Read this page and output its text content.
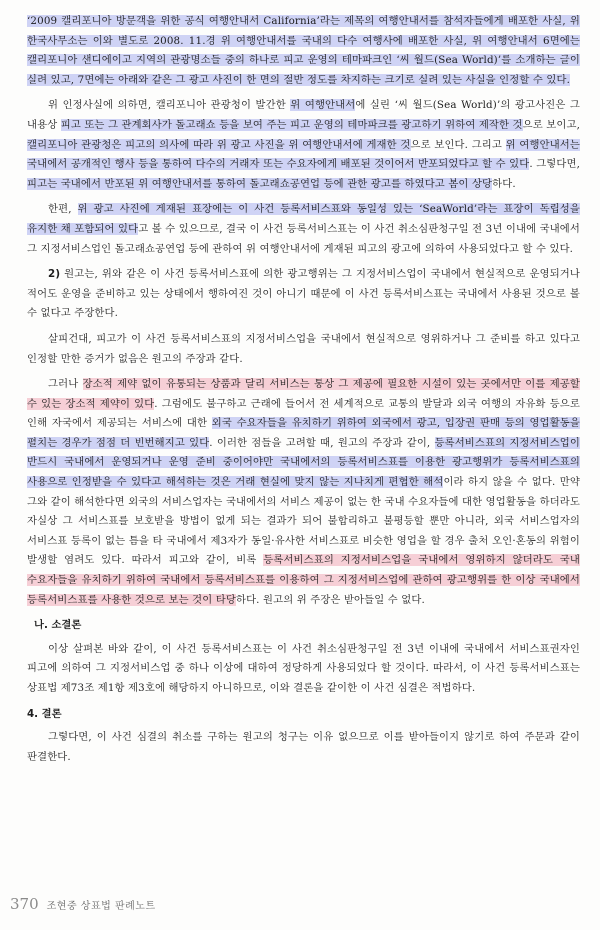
‘2009 캘리포니아 방문객을 위한 공식 여행안내서 California’라는 제목의 여행안내서를 참석자들에게 배포한 사실, 위 한국사무소는 이와 별도로 2008. 11.경 위 여행안내서를 국내의 다수 여행사에 배포한 사실, 위 여행안내서 6면에는 캘리포니아 샌디에이고 지역의 관광명소들 중의 하나로 피고 운영의 테마파크인 ‘씨 월드(Sea World)’를 소개하는 글이 실려 있고, 7면에는 아래와 같은 그 광고 사진이 한 면의 절반 정도를 차지하는 크기로 실려 있는 사실을 인정할 수 있다.

위 인정사실에 의하면, 캘리포니아 관광청이 발간한 위 여행안내서에 실린 ‘씨 월드(Sea World)’의 광고사진은 그 내용상 피고 또는 그 관계회사가 돌고래쇼 등을 보여 주는 피고 운영의 테마파크를 광고하기 위하여 제작한 것으로 보이고, 캘리포니아 관광청은 피고의 의사에 따라 위 광고 사진을 위 여행안내서에 게재한 것으로 보인다. 그리고 위 여행안내서는 국내에서 공개적인 행사 등을 통하여 다수의 거래자 또는 수요자에게 배포된 것이어서 반포되었다고 할 수 있다. 그렇다면, 피고는 국내에서 반포된 위 여행안내서를 통하여 돌고래쇼공연업 등에 관한 광고를 하였다고 봄이 상당하다.

한편, 위 광고 사진에 게재된 표장에는 이 사건 등록서비스표와 동일성 있는 ‘SeaWorld’라는 표장이 독립성을 유지한 채 포함되어 있다고 볼 수 있으므로, 결국 이 사건 등록서비스표는 이 사건 취소심판청구일 전 3년 이내에 국내에서 그 지정서비스업인 돌고래쇼공연업 등에 관하여 위 여행안내서에 게재된 피고의 광고에 의하여 사용되었다고 할 수 있다.

2) 원고는, 위와 같은 이 사건 등록서비스표에 의한 광고행위는 그 지정서비스업이 국내에서 현실적으로 운영되거나 적어도 운영을 준비하고 있는 상태에서 행하여진 것이 아니기 때문에 이 사건 등록서비스표는 국내에서 사용된 것으로 볼 수 없다고 주장한다.

살피건대, 피고가 이 사건 등록서비스표의 지정서비스업을 국내에서 현실적으로 영위하거나 그 준비를 하고 있다고 인정할 만한 증거가 없음은 원고의 주장과 같다.

그러나 장소적 제약 없이 유통되는 상품과 달리 서비스는 통상 그 제공에 필요한 시설이 있는 곳에서만 이를 제공할 수 있는 장소적 제약이 있다. 그럼에도 불구하고 근래에 들어서 전 세계적으로 교통의 발달과 외국 여행의 자유화 등으로 인해 자국에서 제공되는 서비스에 대한 외국 수요자들을 유치하기 위하여 외국에서 광고, 입장권 판매 등의 영업활동을 펼치는 경우가 점점 더 빈번해지고 있다. 이러한 점들을 고려할 때, 원고의 주장과 같이, 등록서비스표의 지정서비스업이 반드시 국내에서 운영되거나 운영 준비 중이어야만 국내에서의 등록서비스표를 이용한 광고행위가 등록서비스표의 사용으로 인정받을 수 있다고 해석하는 것은 거래 현실에 맞지 않는 지나치게 편협한 해석이라 하지 않을 수 없다. 만약 그와 같이 해석한다면 외국의 서비스업자는 국내에서의 서비스 제공이 없는 한 국내 수요자들에 대한 영업활동을 하더라도 자실상 그 서비스표를 보호받을 방법이 없게 되는 결과가 되어 불합리하고 불평등할 뿐만 아니라, 외국 서비스업자의 서비스표 등록이 없는 틈을 타 국내에서 제3자가 동일·유사한 서비스표로 비슷한 영업을 할 경우 출처 오인·혼동의 위험이 발생할 염려도 있다. 따라서 피고와 같이, 비록 등록서비스표의 지정서비스업을 국내에서 영위하지 않더라도 국내 수요자들을 유치하기 위하여 국내에서 등록서비스표를 이용하여 그 지정서비스업에 관하여 광고행위를 한 이상 국내에서 등록서비스표를 사용한 것으로 보는 것이 타당하다. 원고의 위 주장은 받아들일 수 없다.

나. 소결론

이상 살펴본 바와 같이, 이 사건 등록서비스표는 이 사건 취소심판청구일 전 3년 이내에 국내에서 서비스표권자인 피고에 의하여 그 지정서비스업 중 하나 이상에 대하여 정당하게 사용되었다 할 것이다. 따라서, 이 사건 등록서비스표는 상표법 제73조 제1항 제3호에 해당하지 아니하므로, 이와 결론을 같이한 이 사건 심결은 적법하다.

4. 결론

그렇다면, 이 사건 심결의 취소를 구하는 원고의 청구는 이유 없으므로 이를 받아들이지 않기로 하여 주문과 같이 판결한다.

370 조현중 상표법 판례노트
